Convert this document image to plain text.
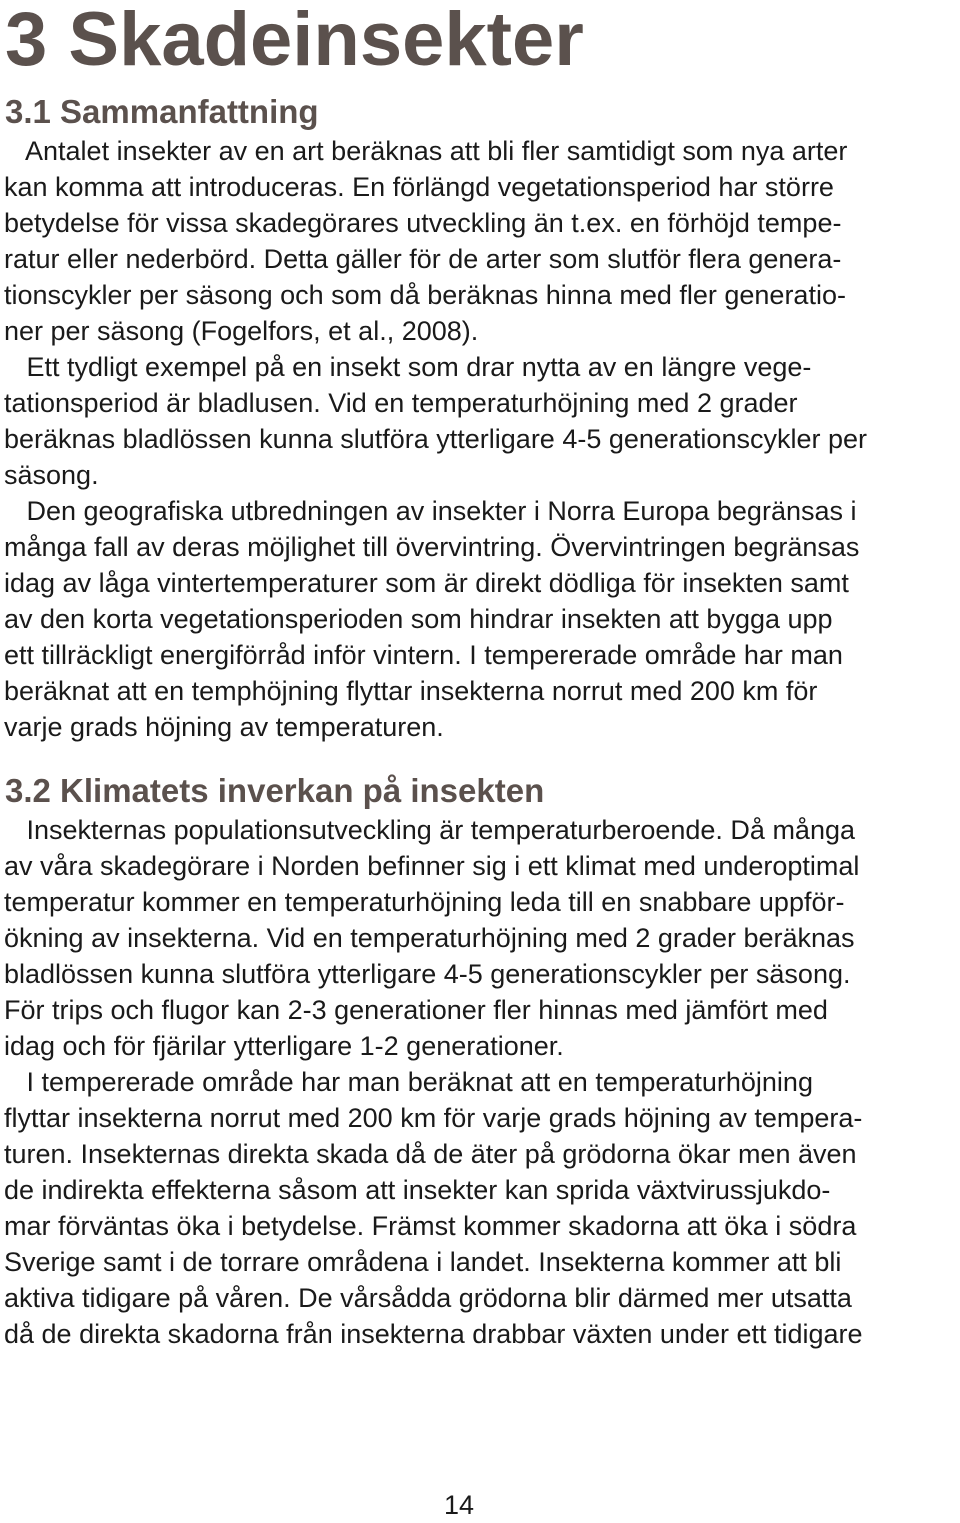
3 Skadeinsekter
3.1 Sammanfattning
Antalet insekter av en art beräknas att bli fler samtidigt som nya arter
kan komma att introduceras. En förlängd vegetationsperiod har större
betydelse för vissa skadegörares utveckling än t.ex. en förhöjd tempe-
ratur eller nederbörd. Detta gäller för de arter som slutför flera genera-
tionscykler per säsong och som då beräknas hinna med fler generatio-
ner per säsong (Fogelfors, et al., 2008).
Ett tydligt exempel på en insekt som drar nytta av en längre vege-
tationsperiod är bladlusen. Vid en temperaturhöjning med 2 grader
beräknas bladlössen kunna slutföra ytterligare 4-5 generationscykler per
säsong.
Den geografiska utbredningen av insekter i Norra Europa begränsas i
många fall av deras möjlighet till övervintring. Övervintringen begränsas
idag av låga vintertemperaturer som är direkt dödliga för insekten samt
av den korta vegetationsperioden som hindrar insekten att bygga upp
ett tillräckligt energiförråd inför vintern. I tempererade område har man
beräknat att en temphöjning flyttar insekterna norrut med 200 km för
varje grads höjning av temperaturen.
3.2 Klimatets inverkan på insekten
Insekternas populationsutveckling är temperaturberoende. Då många
av våra skadegörare i Norden befinner sig i ett klimat med underoptimal
temperatur kommer en temperaturhöjning leda till en snabbare uppför-
ökning av insekterna. Vid en temperaturhöjning med 2 grader beräknas
bladlössen kunna slutföra ytterligare 4-5 generationscykler per säsong.
För trips och flugor kan 2-3 generationer fler hinnas med jämfört med
idag och för fjärilar ytterligare 1-2 generationer.
I tempererade område har man beräknat att en temperaturhöjning
flyttar insekterna norrut med 200 km för varje grads höjning av tempera-
turen. Insekternas direkta skada då de äter på grödorna ökar men även
de indirekta effekterna såsom att insekter kan sprida växtvirussjukdo-
mar förväntas öka i betydelse. Främst kommer skadorna att öka i södra
Sverige samt i de torrare områdena i landet. Insekterna kommer att bli
aktiva tidigare på våren. De vårsådda grödorna blir därmed mer utsatta
då de direkta skadorna från insekterna drabbar växten under ett tidigare
14
